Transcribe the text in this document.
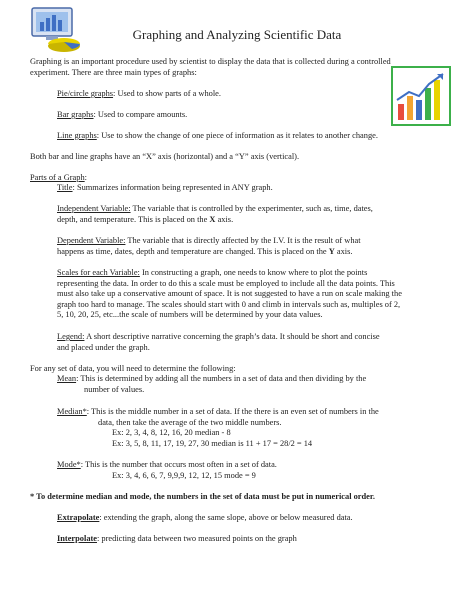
Graphing and Analyzing Scientific Data
Graphing is an important procedure used by scientist to display the data that is collected during a controlled
experiment. There are three main types of graphs:
Pie/circle graphs: Used to show parts of a whole.
Bar graphs: Used to compare amounts.
Line graphs: Use to show the change of one piece of information as it relates to another change.
Both bar and line graphs have an “X” axis (horizontal) and a “Y” axis (vertical).
Parts of a Graph:
Title: Summarizes information being represented in ANY graph.
Independent Variable: The variable that is controlled by the experimenter, such as, time, dates,
depth, and temperature. This is placed on the X axis.
Dependent Variable: The variable that is directly affected by the I.V. It is the result of what
happens as time, dates, depth and temperature are changed. This is placed on the Y axis.
Scales for each Variable: In constructing a graph, one needs to know where to plot the points
representing the data. In order to do this a scale must be employed to include all the data points. This
must also take up a conservative amount of space. It is not suggested to have a run on scale making the
graph too hard to manage. The scales should start with 0 and climb in intervals such as, multiples of 2,
5, 10, 20, 25, etc...the scale of numbers will be determined by your data values.
Legend: A short descriptive narrative concerning the graph’s data. It should be short and concise
and placed under the graph.
For any set of data, you will need to determine the following:
Mean: This is determined by adding all the numbers in a set of data and then dividing by the
number of values.
Median*: This is the middle number in a set of data. If the there is an even set of numbers in the
data, then take the average of the two middle numbers.
Ex: 2, 3, 4, 8, 12, 16, 20 median - 8
Ex: 3, 5, 8, 11, 17, 19, 27, 30 median is 11 + 17 = 28/2 = 14
Mode*: This is the number that occurs most often in a set of data.
Ex: 3, 4, 6, 6, 7, 9,9,9, 12, 12, 15 mode = 9
* To determine median and mode, the numbers in the set of data must be put in numerical order.
Extrapolate: extending the graph, along the same slope, above or below measured data.
Interpolate: predicting data between two measured points on the graph
